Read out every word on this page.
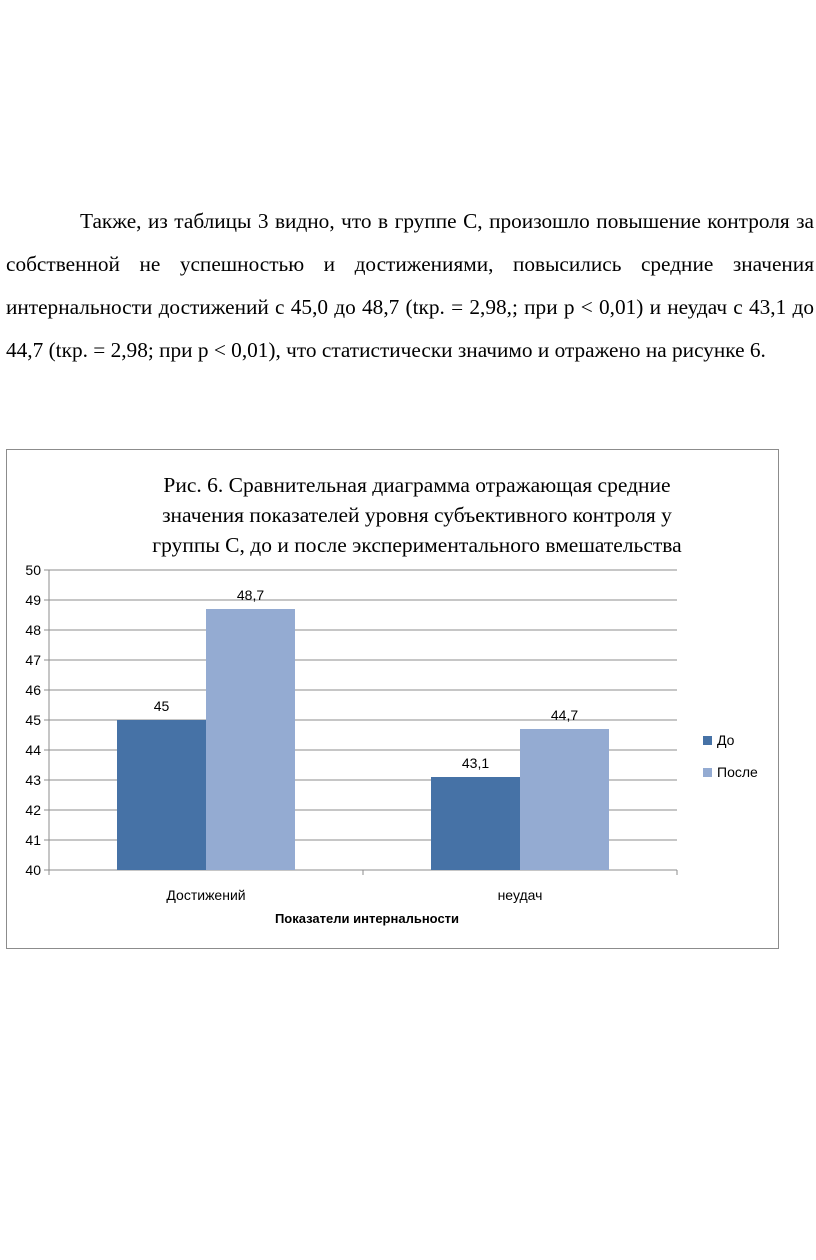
Также, из таблицы 3 видно, что в группе С, произошло повышение контроля за собственной не успешностью и достижениями, повысились средние значения интернальности достижений с 45,0 до 48,7 (tкр. = 2,98,; при p < 0,01) и неудач с 43,1 до 44,7 (tкр. = 2,98; при p < 0,01), что статистически значимо и отражено на рисунке 6.

Рис. 6. Сравнительная диаграмма отражающая средние
значения показателей уровня субъективного контроля у
группы С, до и после экспериментального вмешательства
40
41
42
43
44
45
46
47
48
49
50
45
48,7
Достижений
43,1
44,7
неудач
До
После
Показатели интернальности
